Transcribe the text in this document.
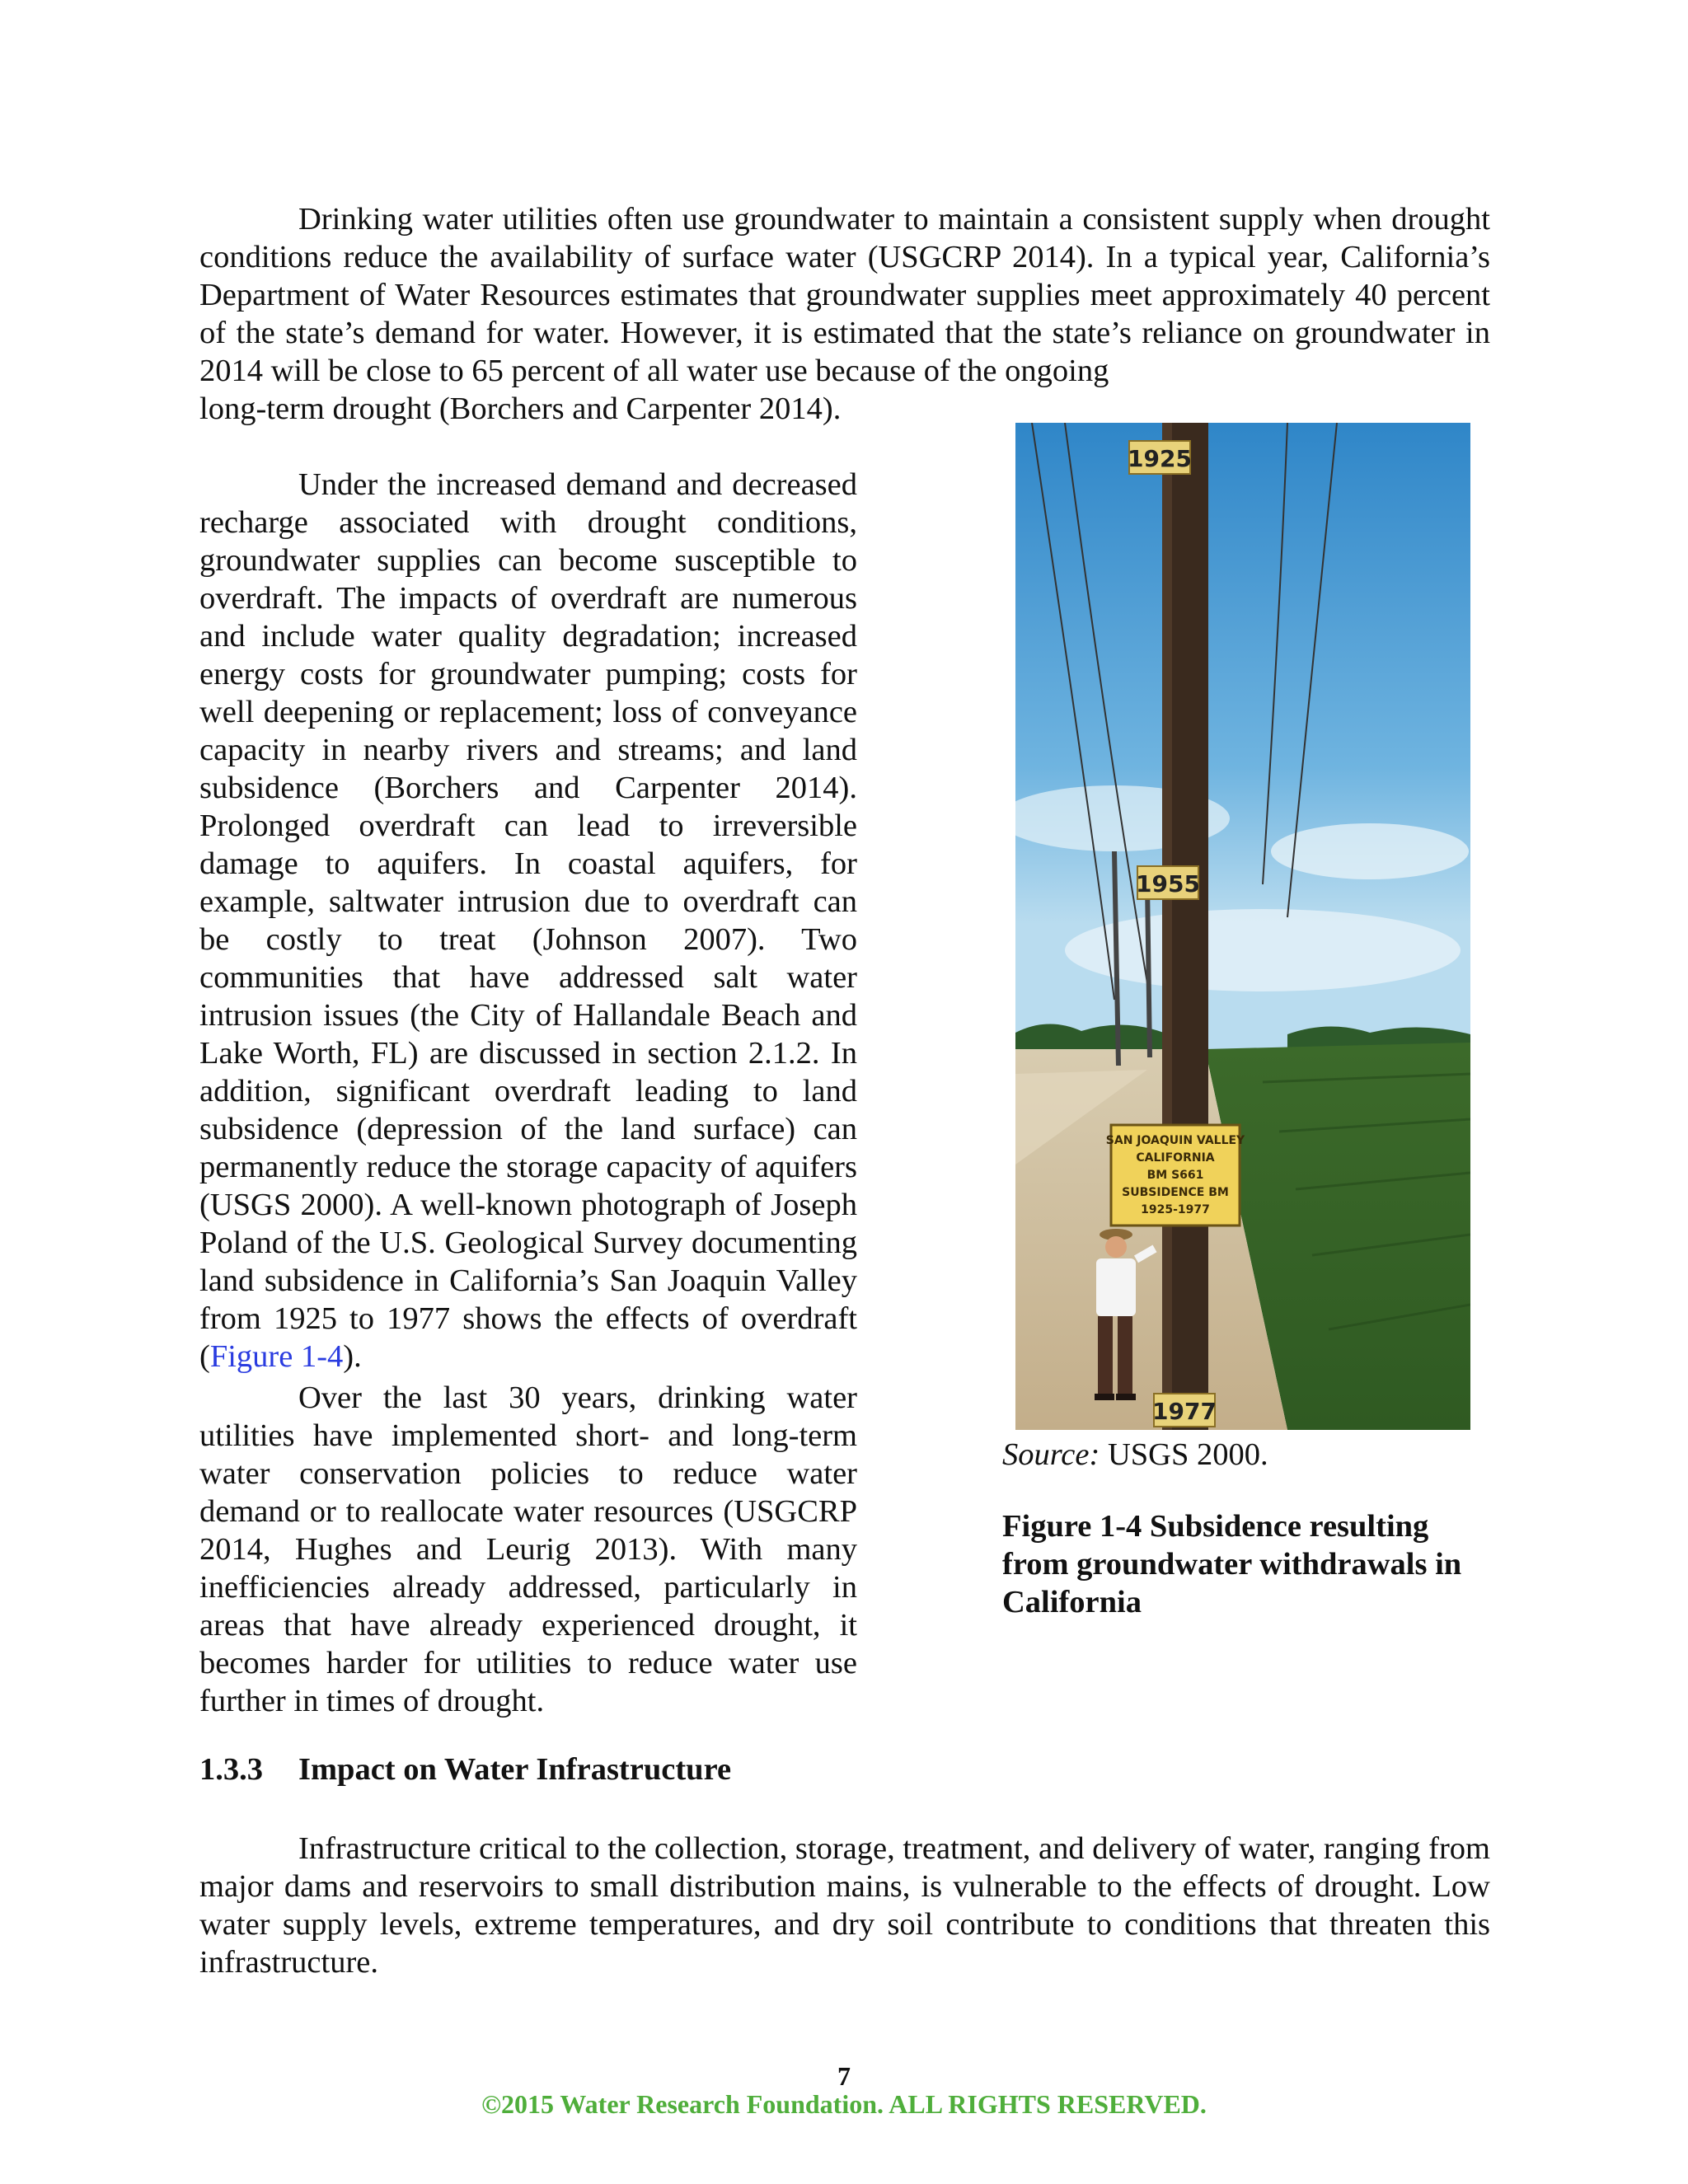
Drinking water utilities often use groundwater to maintain a consistent supply when drought conditions reduce the availability of surface water (USGCRP 2014). In a typical year, California’s Department of Water Resources estimates that groundwater supplies meet approximately 40 percent of the state’s demand for water. However, it is estimated that the state’s reliance on groundwater in 2014 will be close to 65 percent of all water use because of the ongoing
long-term drought (Borchers and Carpenter 2014).
Under the increased demand and decreased recharge associated with drought conditions, groundwater supplies can become susceptible to overdraft. The impacts of overdraft are numerous and include water quality degradation; increased energy costs for groundwater pumping; costs for well deepening or replacement; loss of conveyance capacity in nearby rivers and streams; and land subsidence (Borchers and Carpenter 2014). Prolonged overdraft can lead to irreversible damage to aquifers. In coastal aquifers, for example, saltwater intrusion due to overdraft can be costly to treat (Johnson 2007). Two communities that have addressed salt water intrusion issues (the City of Hallandale Beach and Lake Worth, FL) are discussed in section 2.1.2. In addition, significant overdraft leading to land subsidence (depression of the land surface) can permanently reduce the storage capacity of aquifers (USGS 2000). A well-known photograph of Joseph Poland of the U.S. Geological Survey documenting land subsidence in California’s San Joaquin Valley from 1925 to 1977 shows the effects of overdraft (Figure 1-4).
Over the last 30 years, drinking water utilities have implemented short- and long-term water conservation policies to reduce water demand or to reallocate water resources (USGCRP 2014, Hughes and Leurig 2013). With many inefficiencies already addressed, particularly in areas that have already experienced drought, it becomes harder for utilities to reduce water use further in times of drought.
1.3.3 Impact on Water Infrastructure
Infrastructure critical to the collection, storage, treatment, and delivery of water, ranging from major dams and reservoirs to small distribution mains, is vulnerable to the effects of drought. Low water supply levels, extreme temperatures, and dry soil contribute to conditions that threaten this infrastructure.
1925
1955
1977
SAN JOAQUIN VALLEY
CALIFORNIA
BM S661
SUBSIDENCE BM
1925-1977
Source: USGS 2000.
Figure 1-4 Subsidence resulting from groundwater withdrawals in California
7
©2015 Water Research Foundation. ALL RIGHTS RESERVED.
